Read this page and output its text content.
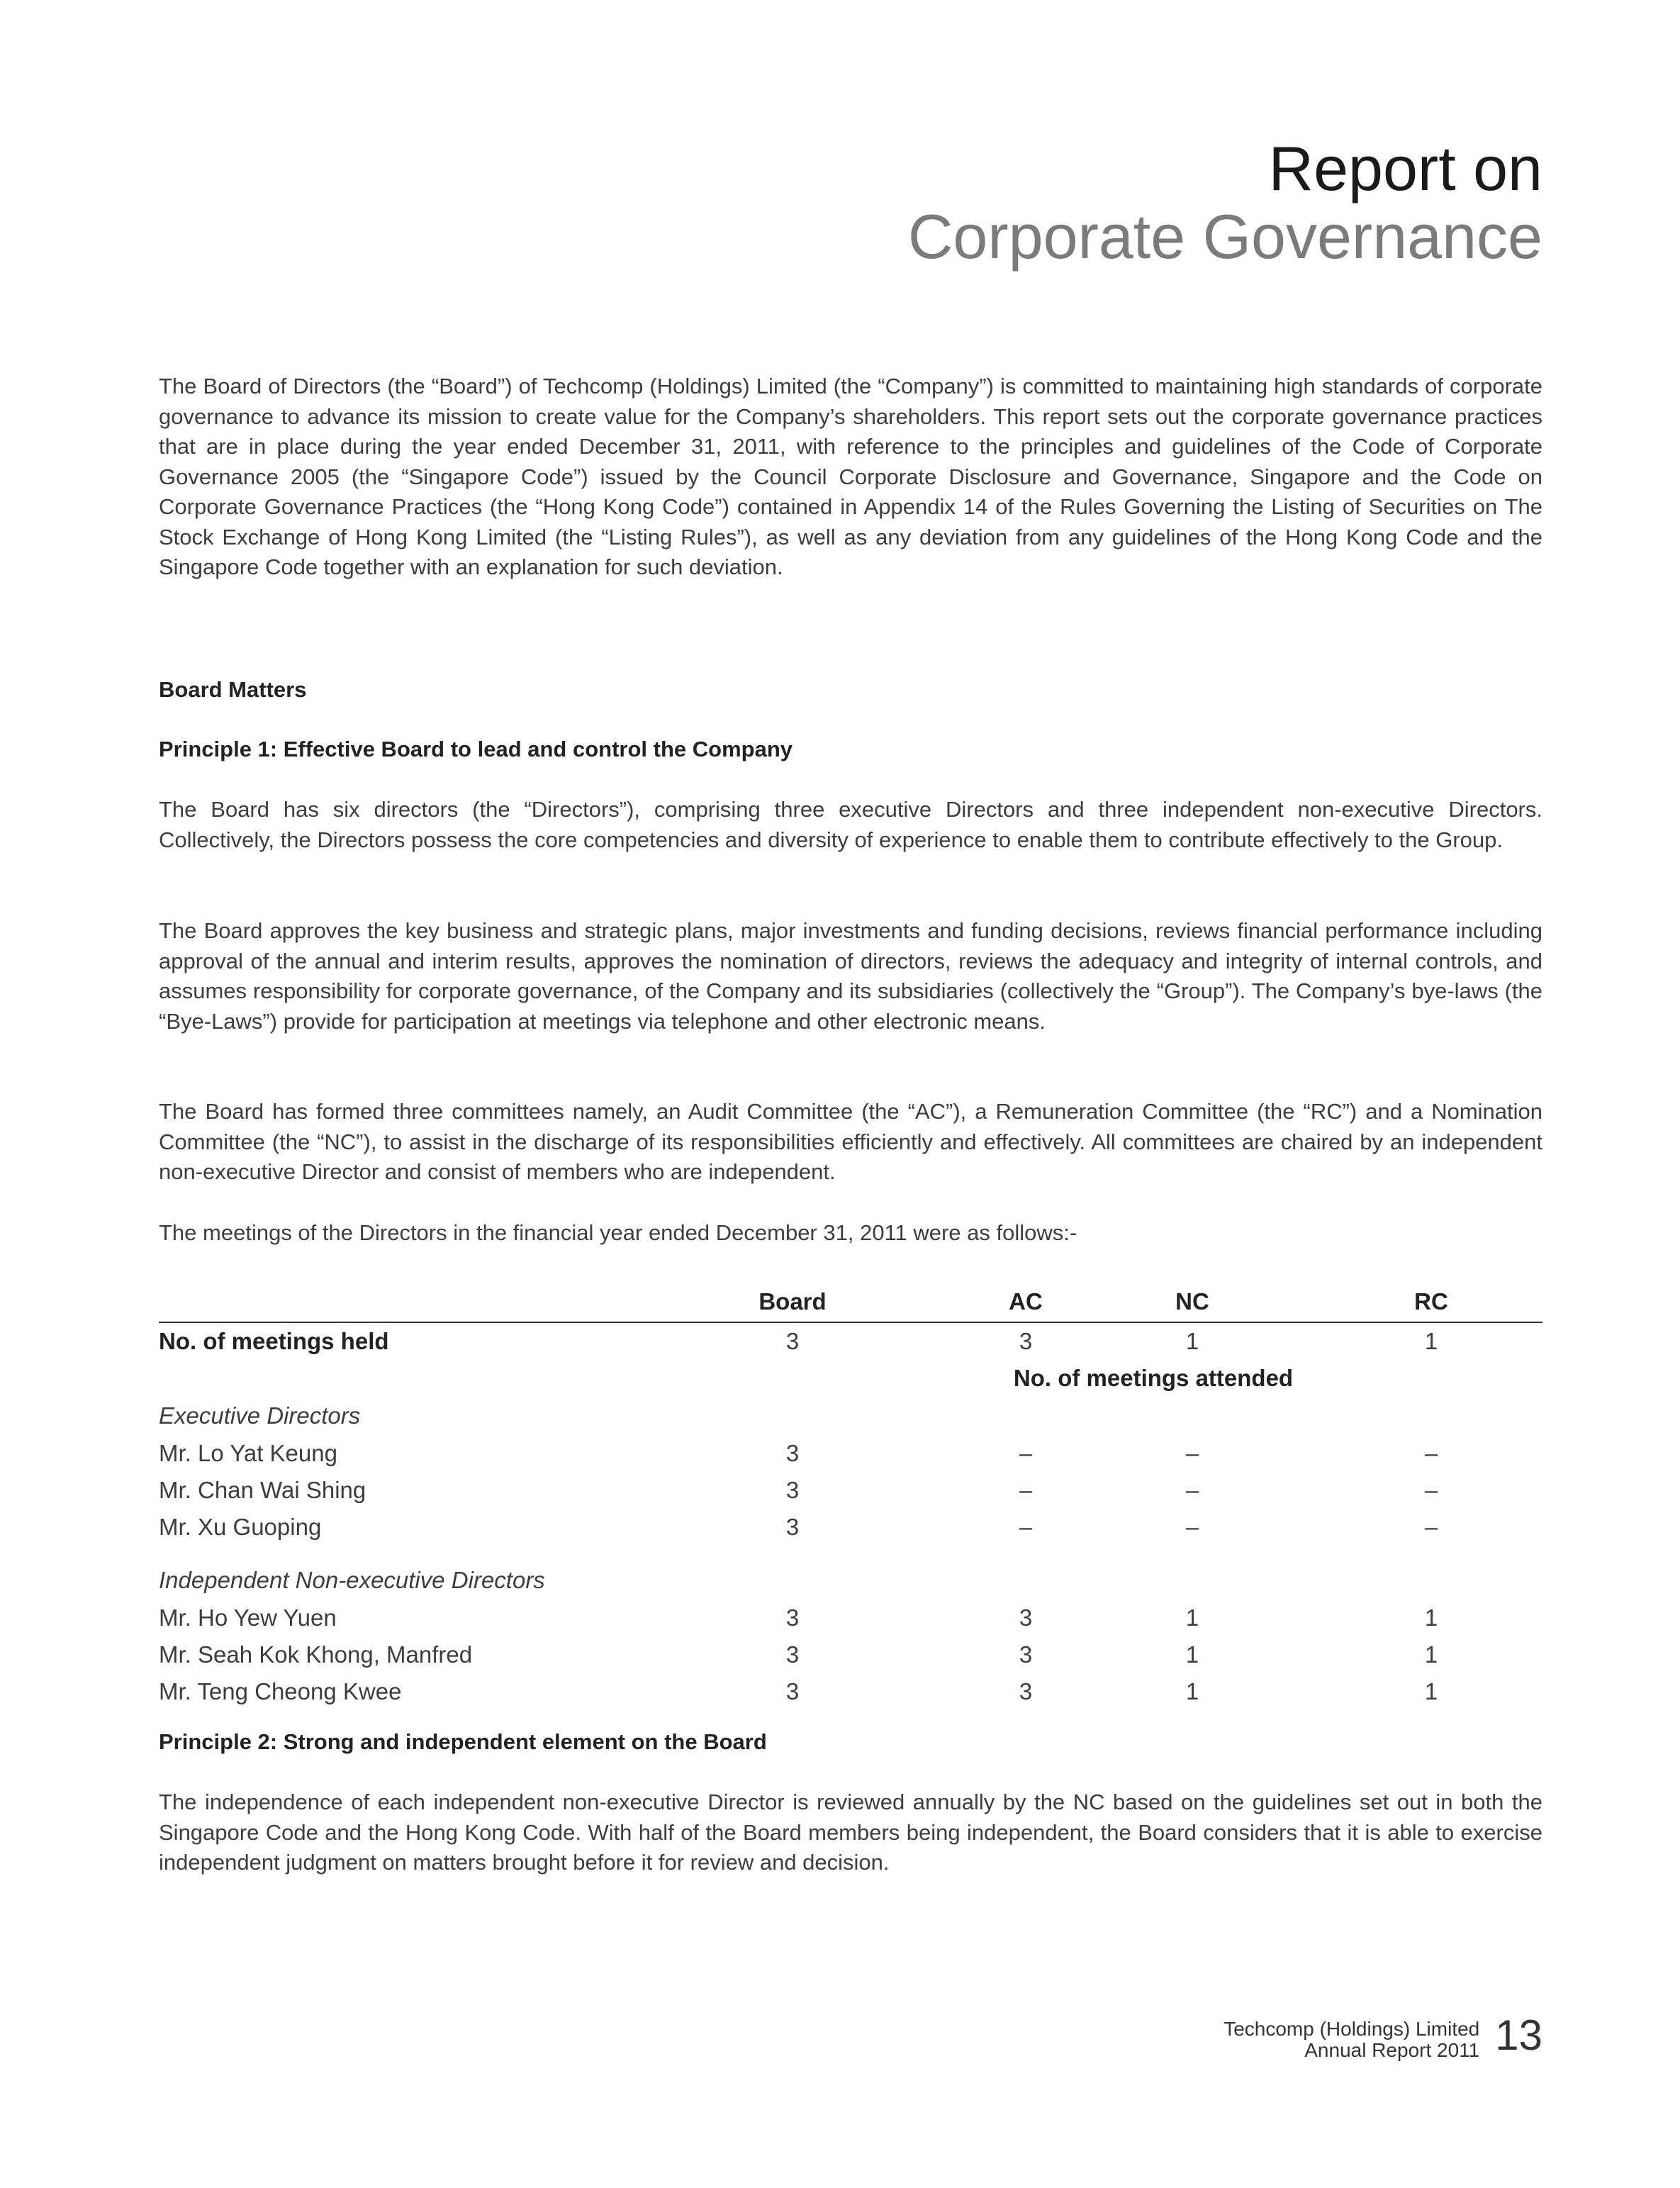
Report on
Corporate Governance

The Board of Directors (the “Board”) of Techcomp (Holdings) Limited (the “Company”) is committed to maintaining high standards of corporate governance to advance its mission to create value for the Company’s shareholders. This report sets out the corporate governance practices that are in place during the year ended December 31, 2011, with reference to the principles and guidelines of the Code of Corporate Governance 2005 (the “Singapore Code”) issued by the Council Corporate Disclosure and Governance, Singapore and the Code on Corporate Governance Practices (the “Hong Kong Code”) contained in Appendix 14 of the Rules Governing the Listing of Securities on The Stock Exchange of Hong Kong Limited (the “Listing Rules”), as well as any deviation from any guidelines of the Hong Kong Code and the Singapore Code together with an explanation for such deviation.

Board Matters
Principle 1: Effective Board to lead and control the Company

The Board has six directors (the “Directors”), comprising three executive Directors and three independent non-executive Directors. Collectively, the Directors possess the core competencies and diversity of experience to enable them to contribute effectively to the Group.

The Board approves the key business and strategic plans, major investments and funding decisions, reviews financial performance including approval of the annual and interim results, approves the nomination of directors, reviews the adequacy and integrity of internal controls, and assumes responsibility for corporate governance, of the Company and its subsidiaries (collectively the “Group”). The Company’s bye-laws (the “Bye-Laws”) provide for participation at meetings via telephone and other electronic means.

The Board has formed three committees namely, an Audit Committee (the “AC”), a Remuneration Committee (the “RC”) and a Nomination Committee (the “NC”), to assist in the discharge of its responsibilities efficiently and effectively. All committees are chaired by an independent non-executive Director and consist of members who are independent.

The meetings of the Directors in the financial year ended December 31, 2011 were as follows:-

	Board	AC	NC	RC
No. of meetings held	3	3	1	1
		No. of meetings attended		
Executive Directors				
Mr. Lo Yat Keung	3	–	–	–
Mr. Chan Wai Shing	3	–	–	–
Mr. Xu Guoping	3	–	–	–

Independent Non-executive Directors				
Mr. Ho Yew Yuen	3	3	1	1
Mr. Seah Kok Khong, Manfred	3	3	1	1
Mr. Teng Cheong Kwee	3	3	1	1
Principle 2: Strong and independent element on the Board

The independence of each independent non-executive Director is reviewed annually by the NC based on the guidelines set out in both the Singapore Code and the Hong Kong Code. With half of the Board members being independent, the Board considers that it is able to exercise independent judgment on matters brought before it for review and decision.

Techcomp (Holdings) Limited
Annual Report 2011 13
